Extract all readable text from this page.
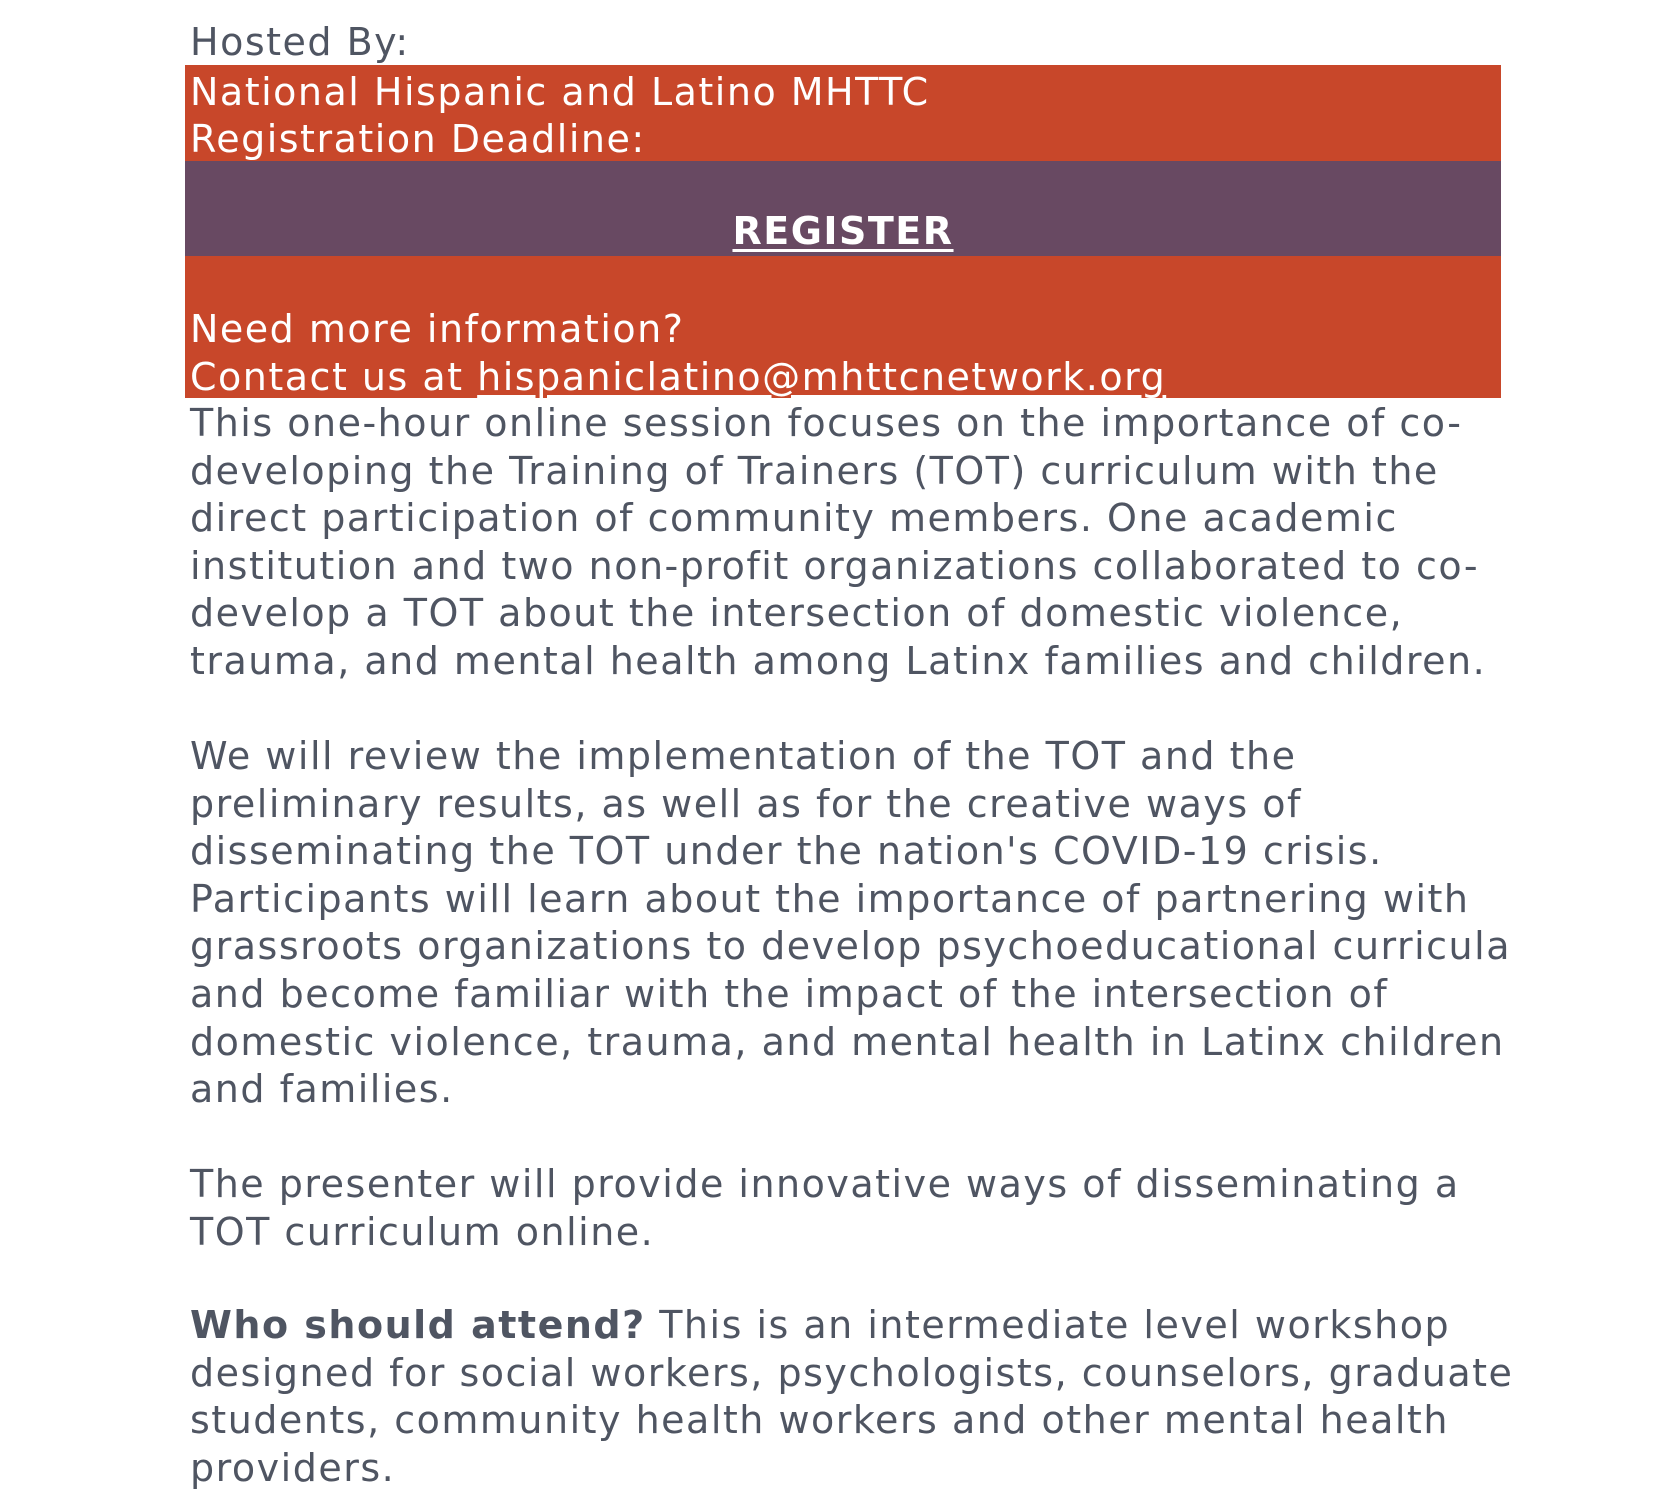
Hosted By:
National Hispanic and Latino MHTTC
Registration Deadline:
REGISTER
Need more information?
Contact us at hispaniclatino@mhttcnetwork.org
This one-hour online session focuses on the importance of co-developing the Training of Trainers (TOT) curriculum with the direct participation of community members. One academic institution and two non-profit organizations collaborated to co-develop a TOT about the intersection of domestic violence, trauma, and mental health among Latinx families and children.
We will review the implementation of the TOT and the preliminary results, as well as for the creative ways of disseminating the TOT under the nation's COVID-19 crisis. Participants will learn about the importance of partnering with grassroots organizations to develop psychoeducational curricula and become familiar with the impact of the intersection of domestic violence, trauma, and mental health in Latinx children and families.
The presenter will provide innovative ways of disseminating a TOT curriculum online.
Who should attend? This is an intermediate level workshop designed for social workers, psychologists, counselors, graduate students, community health workers and other mental health providers.
